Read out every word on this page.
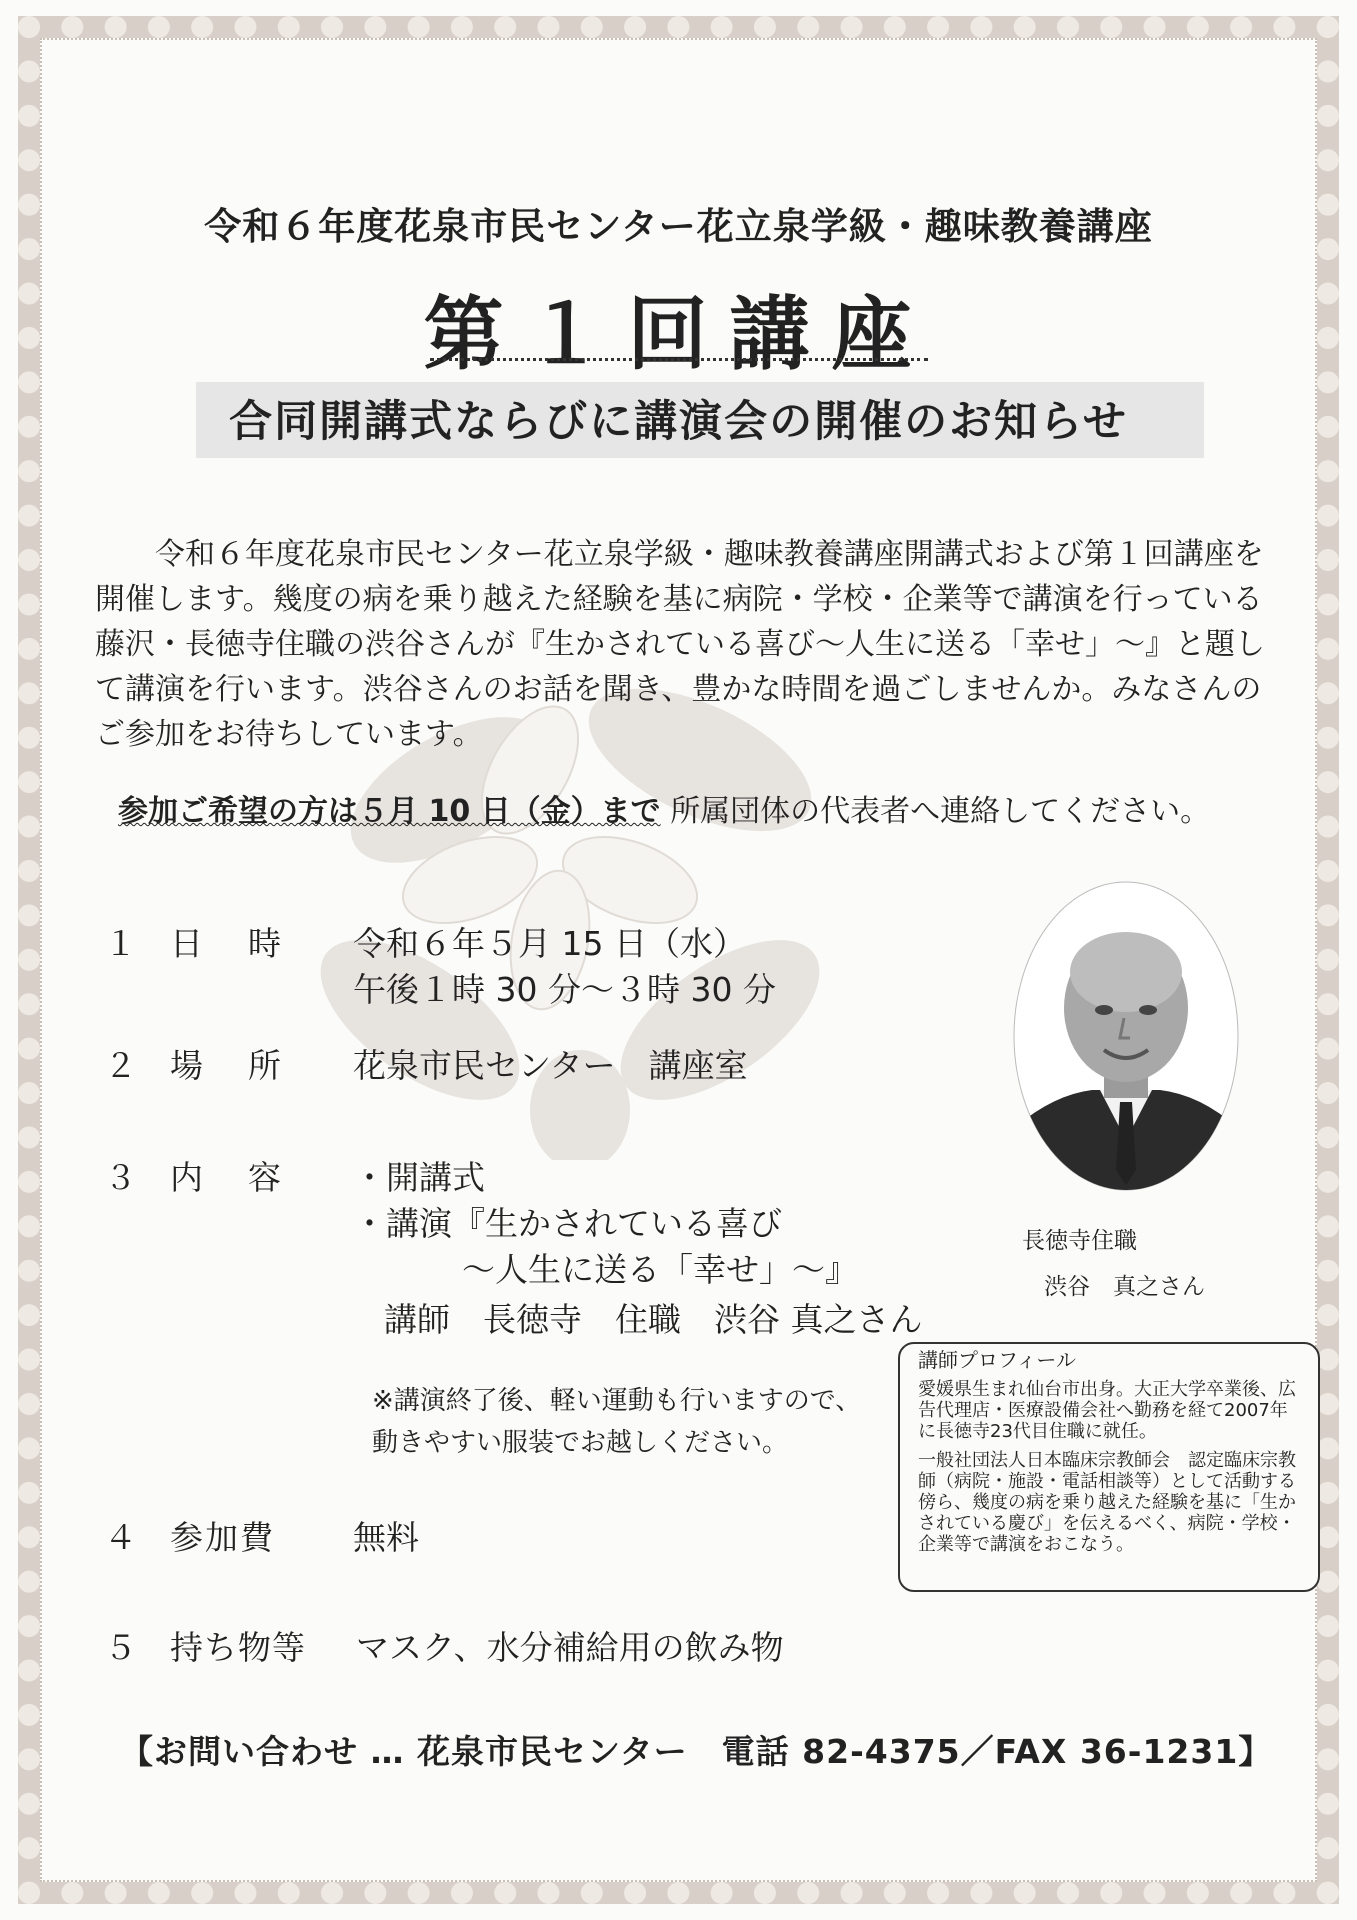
令和６年度花泉市民センター花立泉学級・趣味教養講座
第１回講座
合同開講式ならびに講演会の開催のお知らせ
令和６年度花泉市民センター花立泉学級・趣味教養講座開講式および第１回講座を開催します。幾度の病を乗り越えた経験を基に病院・学校・企業等で講演を行っている藤沢・長徳寺住職の渋谷さんが『生かされている喜び～人生に送る「幸せ」～』と題して講演を行います。渋谷さんのお話を聞き、豊かな時間を過ごしませんか。みなさんのご参加をお待ちしています。
参加ご希望の方は５月 10 日（金）まで 所属団体の代表者へ連絡してください。
１ 日　時 令和６年５月 15 日（水）
午後１時 30 分～３時 30 分
２ 場　所 花泉市民センター　講座室
３ 内　容 ・開講式
・講演『生かされている喜び
～人生に送る「幸せ」～』
講師　長徳寺　住職　渋谷 真之さん
※講演終了後、軽い運動も行いますので、
動きやすい服装でお越しください。
４ 参加費 無料
５ 持ち物等 マスク、水分補給用の飲み物
【お問い合わせ … 花泉市民センター　電話 82-4375／FAX 36-1231】
長徳寺住職
渋谷　真之さん
講師プロフィール

愛媛県生まれ仙台市出身。大正大学卒業後、広告代理店・医療設備会社へ勤務を経て2007年に長徳寺23代目住職に就任。

一般社団法人日本臨床宗教師会　認定臨床宗教師（病院・施設・電話相談等）として活動する傍ら、幾度の病を乗り越えた経験を基に「生かされている慶び」を伝えるべく、病院・学校・企業等で講演をおこなう。
